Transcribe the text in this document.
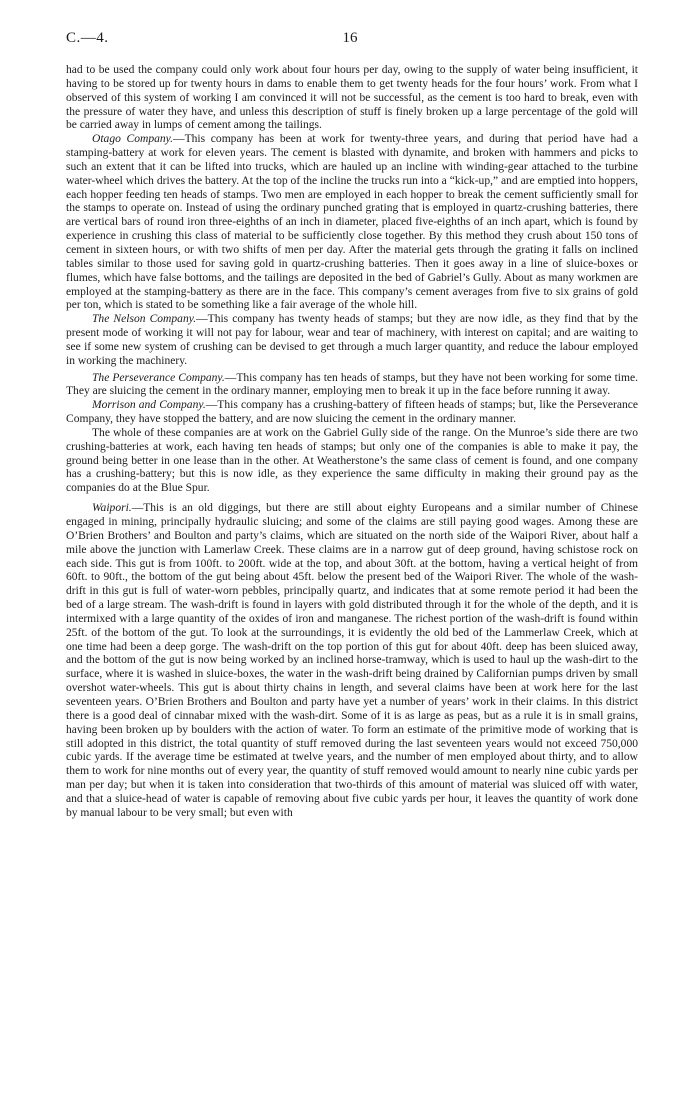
C.—4.	16

had to be used the company could only work about four hours per day, owing to the supply of water being insufficient, it having to be stored up for twenty hours in dams to enable them to get twenty heads for the four hours’ work. From what I observed of this system of working I am convinced it will not be successful, as the cement is too hard to break, even with the pressure of water they have, and unless this description of stuff is finely broken up a large percentage of the gold will be carried away in lumps of cement among the tailings.

Otago Company.—This company has been at work for twenty-three years, and during that period have had a stamping-battery at work for eleven years. The cement is blasted with dynamite, and broken with hammers and picks to such an extent that it can be lifted into trucks, which are hauled up an incline with winding-gear attached to the turbine water-wheel which drives the battery. At the top of the incline the trucks run into a “kick-up,” and are emptied into hoppers, each hopper feeding ten heads of stamps. Two men are employed in each hopper to break the cement sufficiently small for the stamps to operate on. Instead of using the ordinary punched grating that is employed in quartz-crushing batteries, there are vertical bars of round iron three-eighths of an inch in diameter, placed five-eighths of an inch apart, which is found by experience in crushing this class of material to be sufficiently close together. By this method they crush about 150 tons of cement in sixteen hours, or with two shifts of men per day. After the material gets through the grating it falls on inclined tables similar to those used for saving gold in quartz-crushing batteries. Then it goes away in a line of sluice-boxes or flumes, which have false bottoms, and the tailings are deposited in the bed of Gabriel’s Gully. About as many workmen are employed at the stamping-battery as there are in the face. This company’s cement averages from five to six grains of gold per ton, which is stated to be something like a fair average of the whole hill.

The Nelson Company.—This company has twenty heads of stamps; but they are now idle, as they find that by the present mode of working it will not pay for labour, wear and tear of machinery, with interest on capital; and are waiting to see if some new system of crushing can be devised to get through a much larger quantity, and reduce the labour employed in working the machinery.

The Perseverance Company.—This company has ten heads of stamps, but they have not been working for some time. They are sluicing the cement in the ordinary manner, employing men to break it up in the face before running it away.

Morrison and Company.—This company has a crushing-battery of fifteen heads of stamps; but, like the Perseverance Company, they have stopped the battery, and are now sluicing the cement in the ordinary manner.

The whole of these companies are at work on the Gabriel Gully side of the range. On the Munroe’s side there are two crushing-batteries at work, each having ten heads of stamps; but only one of the companies is able to make it pay, the ground being better in one lease than in the other. At Weatherstone’s the same class of cement is found, and one company has a crushing-battery; but this is now idle, as they experience the same difficulty in making their ground pay as the companies do at the Blue Spur.

Waipori.—This is an old diggings, but there are still about eighty Europeans and a similar number of Chinese engaged in mining, principally hydraulic sluicing; and some of the claims are still paying good wages. Among these are O’Brien Brothers’ and Boulton and party’s claims, which are situated on the north side of the Waipori River, about half a mile above the junction with Lamerlaw Creek. These claims are in a narrow gut of deep ground, having schistose rock on each side. This gut is from 100ft. to 200ft. wide at the top, and about 30ft. at the bottom, having a vertical height of from 60ft. to 90ft., the bottom of the gut being about 45ft. below the present bed of the Waipori River. The whole of the wash-drift in this gut is full of water-worn pebbles, principally quartz, and indicates that at some remote period it had been the bed of a large stream. The wash-drift is found in layers with gold distributed through it for the whole of the depth, and it is intermixed with a large quantity of the oxides of iron and manganese. The richest portion of the wash-drift is found within 25ft. of the bottom of the gut. To look at the surroundings, it is evidently the old bed of the Lammerlaw Creek, which at one time had been a deep gorge. The wash-drift on the top portion of this gut for about 40ft. deep has been sluiced away, and the bottom of the gut is now being worked by an inclined horse-tramway, which is used to haul up the wash-dirt to the surface, where it is washed in sluice-boxes, the water in the wash-drift being drained by Californian pumps driven by small overshot water-wheels. This gut is about thirty chains in length, and several claims have been at work here for the last seventeen years. O’Brien Brothers and Boulton and party have yet a number of years’ work in their claims. In this district there is a good deal of cinnabar mixed with the wash-dirt. Some of it is as large as peas, but as a rule it is in small grains, having been broken up by boulders with the action of water. To form an estimate of the primitive mode of working that is still adopted in this district, the total quantity of stuff removed during the last seventeen years would not exceed 750,000 cubic yards. If the average time be estimated at twelve years, and the number of men employed about thirty, and to allow them to work for nine months out of every year, the quantity of stuff removed would amount to nearly nine cubic yards per man per day; but when it is taken into consideration that two-thirds of this amount of material was sluiced off with water, and that a sluice-head of water is capable of removing about five cubic yards per hour, it leaves the quantity of work done by manual labour to be very small; but even with
